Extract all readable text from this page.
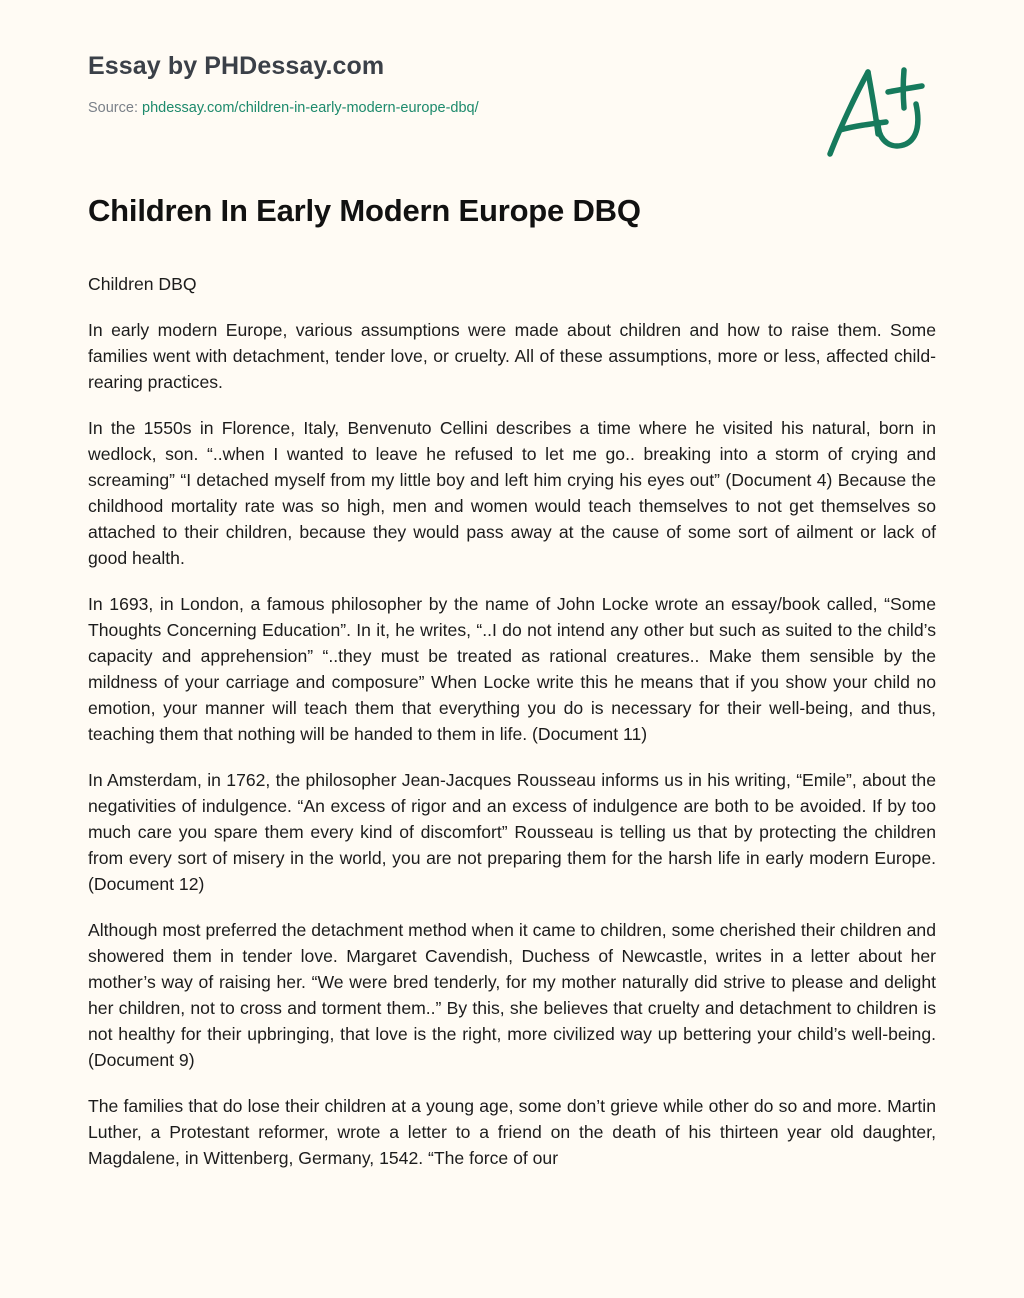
Essay by PHDessay.com
Source: phdessay.com/children-in-early-modern-europe-dbq/
Children In Early Modern Europe DBQ

Children DBQ

In early modern Europe, various assumptions were made about children and how to raise them. Some families went with detachment, tender love, or cruelty. All of these assumptions, more or less, affected child-rearing practices.

In the 1550s in Florence, Italy, Benvenuto Cellini describes a time where he visited his natural, born in wedlock, son. “..when I wanted to leave he refused to let me go.. breaking into a storm of crying and screaming” “I detached myself from my little boy and left him crying his eyes out” (Document 4) Because the childhood mortality rate was so high, men and women would teach themselves to not get themselves so attached to their children, because they would pass away at the cause of some sort of ailment or lack of good health.

In 1693, in London, a famous philosopher by the name of John Locke wrote an essay/book called, “Some Thoughts Concerning Education”. In it, he writes, “..I do not intend any other but such as suited to the child’s capacity and apprehension” “..they must be treated as rational creatures.. Make them sensible by the mildness of your carriage and composure” When Locke write this he means that if you show your child no emotion, your manner will teach them that everything you do is necessary for their well-being, and thus, teaching them that nothing will be handed to them in life. (Document 11)

In Amsterdam, in 1762, the philosopher Jean-Jacques Rousseau informs us in his writing, “Emile”, about the negativities of indulgence. “An excess of rigor and an excess of indulgence are both to be avoided. If by too much care you spare them every kind of discomfort” Rousseau is telling us that by protecting the children from every sort of misery in the world, you are not preparing them for the harsh life in early modern Europe. (Document 12)

Although most preferred the detachment method when it came to children, some cherished their children and showered them in tender love. Margaret Cavendish, Duchess of Newcastle, writes in a letter about her mother’s way of raising her. “We were bred tenderly, for my mother naturally did strive to please and delight her children, not to cross and torment them..” By this, she believes that cruelty and detachment to children is not healthy for their upbringing, that love is the right, more civilized way up bettering your child’s well-being. (Document 9)

The families that do lose their children at a young age, some don’t grieve while other do so and more. Martin Luther, a Protestant reformer, wrote a letter to a friend on the death of his thirteen year old daughter, Magdalene, in Wittenberg, Germany, 1542. “The force of our
